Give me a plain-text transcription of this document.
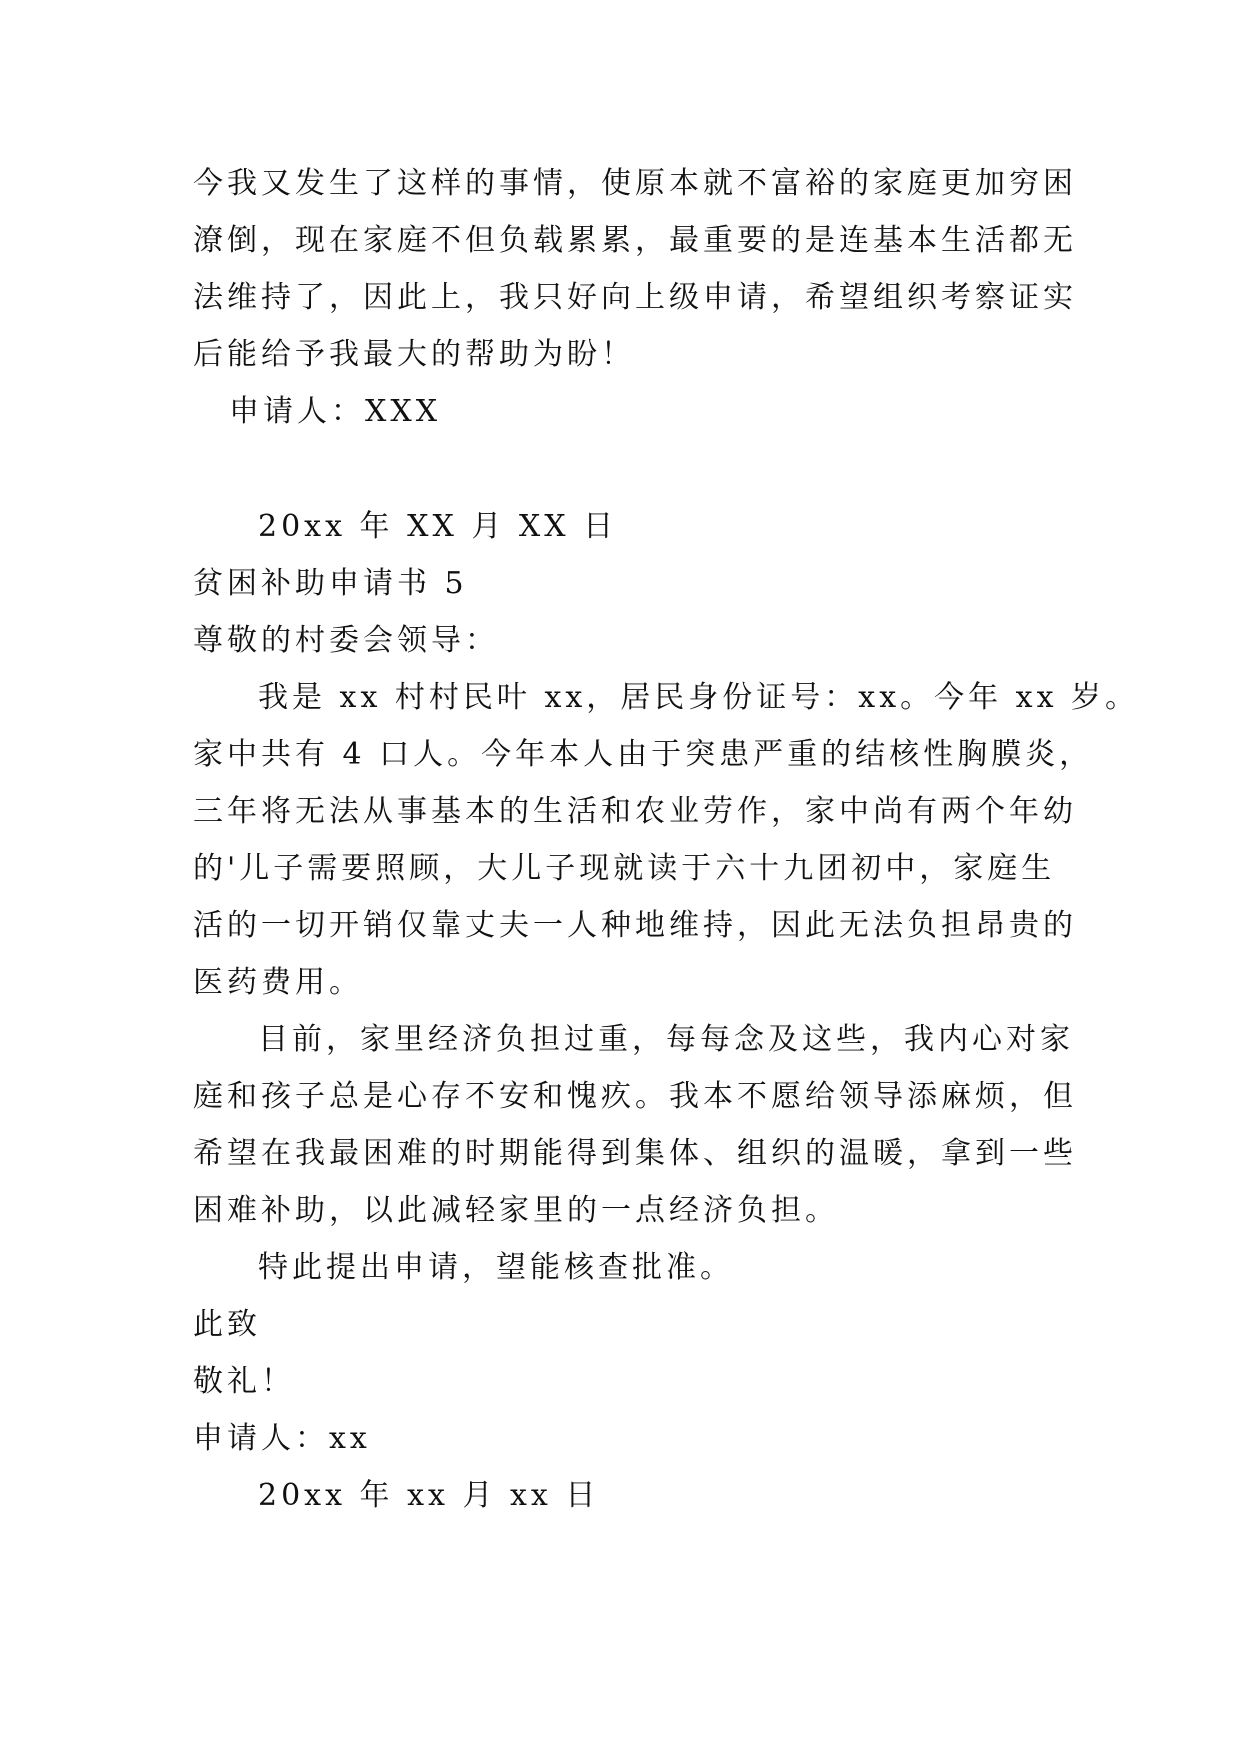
今我又发生了这样的事情，使原本就不富裕的家庭更加穷困
潦倒，现在家庭不但负载累累，最重要的是连基本生活都无
法维持了，因此上，我只好向上级申请，希望组织考察证实
后能给予我最大的帮助为盼！
申请人：XXX
20xx 年 XX 月 XX 日
贫困补助申请书 5
尊敬的村委会领导：
我是 xx 村村民叶 xx，居民身份证号：xx。今年 xx 岁。
家中共有 4 口人。今年本人由于突患严重的结核性胸膜炎，
三年将无法从事基本的生活和农业劳作，家中尚有两个年幼
的'儿子需要照顾，大儿子现就读于六十九团初中，家庭生
活的一切开销仅靠丈夫一人种地维持，因此无法负担昂贵的
医药费用。
目前，家里经济负担过重，每每念及这些，我内心对家
庭和孩子总是心存不安和愧疚。我本不愿给领导添麻烦，但
希望在我最困难的时期能得到集体、组织的温暖，拿到一些
困难补助，以此减轻家里的一点经济负担。
特此提出申请，望能核查批准。
此致
敬礼！
申请人：xx
20xx 年 xx 月 xx 日
